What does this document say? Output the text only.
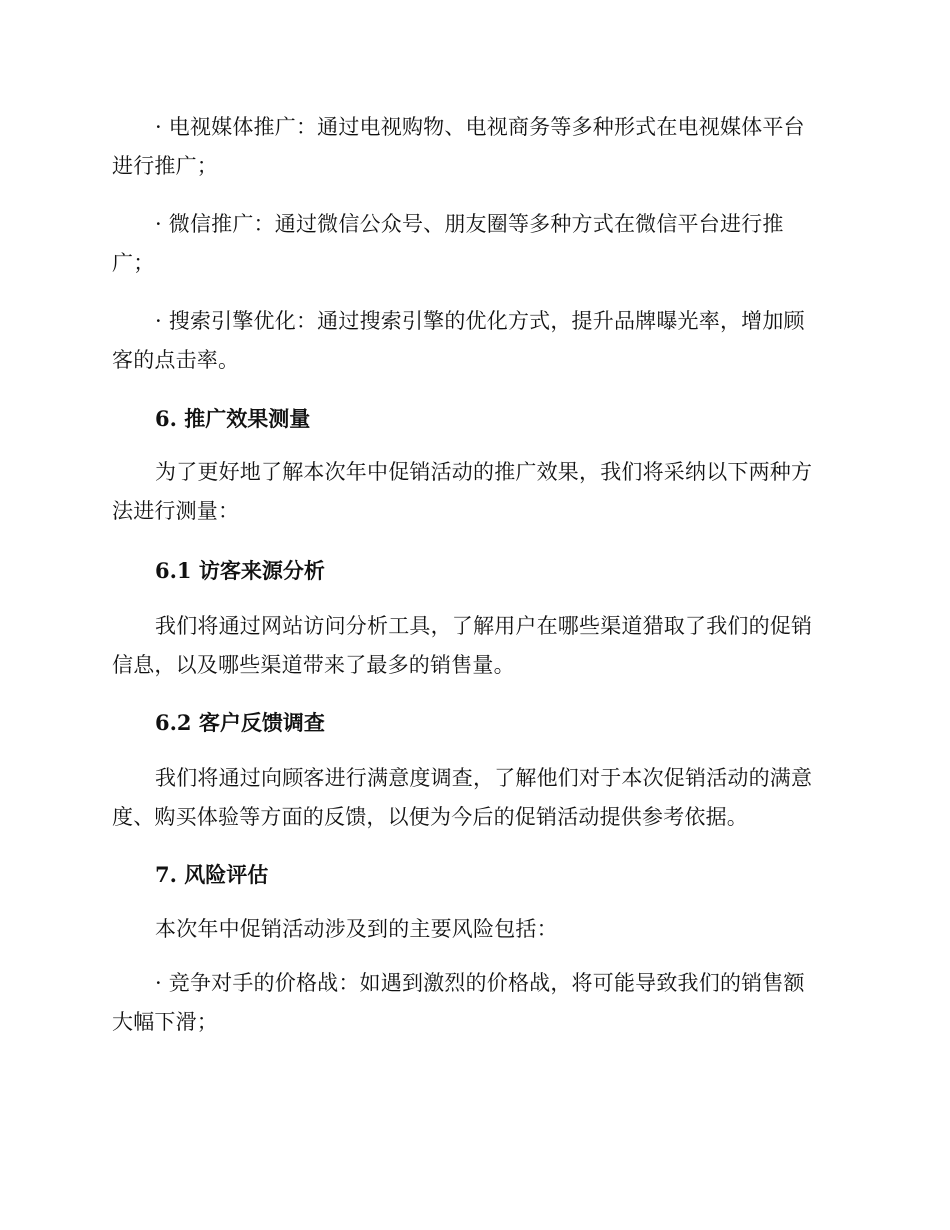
· 电视媒体推广：通过电视购物、电视商务等多种形式在电视媒体平台
进行推广；
· 微信推广：通过微信公众号、朋友圈等多种方式在微信平台进行推
广；
· 搜索引擎优化：通过搜索引擎的优化方式，提升品牌曝光率，增加顾
客的点击率。
6. 推广效果测量
为了更好地了解本次年中促销活动的推广效果，我们将采纳以下两种方
法进行测量：
6.1 访客来源分析
我们将通过网站访问分析工具，了解用户在哪些渠道猎取了我们的促销
信息，以及哪些渠道带来了最多的销售量。
6.2 客户反馈调查
我们将通过向顾客进行满意度调查，了解他们对于本次促销活动的满意
度、购买体验等方面的反馈，以便为今后的促销活动提供参考依据。
7. 风险评估
本次年中促销活动涉及到的主要风险包括：
· 竞争对手的价格战：如遇到激烈的价格战，将可能导致我们的销售额
大幅下滑；
